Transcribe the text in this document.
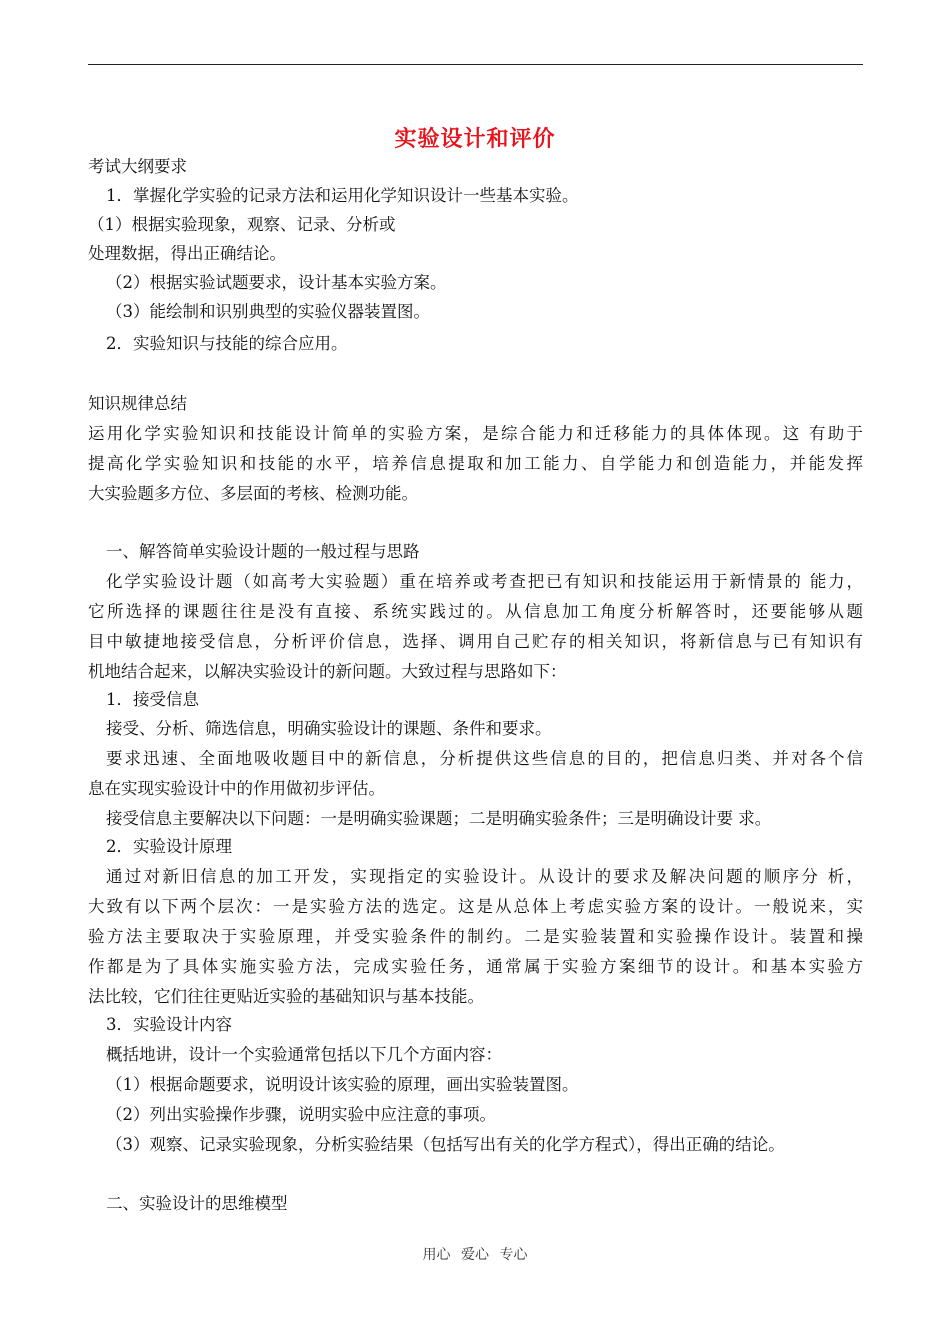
实验设计和评价
考试大纲要求
1．掌握化学实验的记录方法和运用化学知识设计一些基本实验。
（1）根据实验现象，观察、记录、分析或
处理数据，得出正确结论。
（2）根据实验试题要求，设计基本实验方案。
（3）能绘制和识别典型的实验仪器装置图。
2．实验知识与技能的综合应用。
知识规律总结
运用化学实验知识和技能设计简单的实验方案，是综合能力和迁移能力的具体体现。这 有助于
提高化学实验知识和技能的水平，培养信息提取和加工能力、自学能力和创造能力，并能发挥
大实验题多方位、多层面的考核、检测功能。
一、解答简单实验设计题的一般过程与思路
化学实验设计题（如高考大实验题）重在培养或考查把已有知识和技能运用于新情景的 能力，
它所选择的课题往往是没有直接、系统实践过的。从信息加工角度分析解答时，还要能够从题
目中敏捷地接受信息，分析评价信息，选择、调用自己贮存的相关知识，将新信息与已有知识有
机地结合起来，以解决实验设计的新问题。大致过程与思路如下：
1．接受信息
接受、分析、筛选信息，明确实验设计的课题、条件和要求。
要求迅速、全面地吸收题目中的新信息，分析提供这些信息的目的，把信息归类、并对各个信
息在实现实验设计中的作用做初步评估。
接受信息主要解决以下问题：一是明确实验课题；二是明确实验条件；三是明确设计要 求。
2．实验设计原理
通过对新旧信息的加工开发，实现指定的实验设计。从设计的要求及解决问题的顺序分 析，
大致有以下两个层次：一是实验方法的选定。这是从总体上考虑实验方案的设计。一般说来，实
验方法主要取决于实验原理，并受实验条件的制约。二是实验装置和实验操作设计。装置和操
作都是为了具体实施实验方法，完成实验任务，通常属于实验方案细节的设计。和基本实验方
法比较，它们往往更贴近实验的基础知识与基本技能。
3．实验设计内容
概括地讲，设计一个实验通常包括以下几个方面内容：
（1）根据命题要求，说明设计该实验的原理，画出实验装置图。
（2）列出实验操作步骤，说明实验中应注意的事项。
（3）观察、记录实验现象，分析实验结果（包括写出有关的化学方程式），得出正确的结论。
二、实验设计的思维模型
用心 爱心 专心
